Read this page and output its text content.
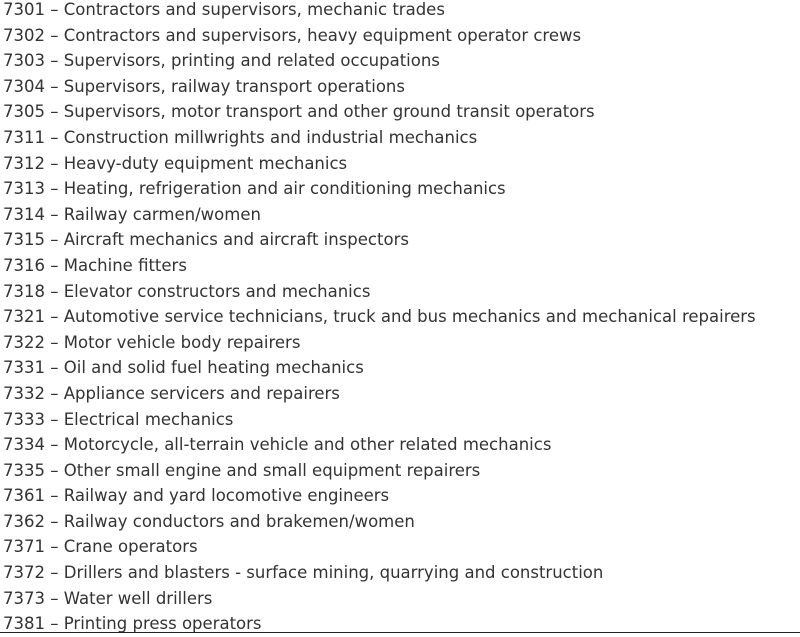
7301 – Contractors and supervisors, mechanic trades
7302 – Contractors and supervisors, heavy equipment operator crews
7303 – Supervisors, printing and related occupations
7304 – Supervisors, railway transport operations
7305 – Supervisors, motor transport and other ground transit operators
7311 – Construction millwrights and industrial mechanics
7312 – Heavy-duty equipment mechanics
7313 – Heating, refrigeration and air conditioning mechanics
7314 – Railway carmen/women
7315 – Aircraft mechanics and aircraft inspectors
7316 – Machine fitters
7318 – Elevator constructors and mechanics
7321 – Automotive service technicians, truck and bus mechanics and mechanical repairers
7322 – Motor vehicle body repairers
7331 – Oil and solid fuel heating mechanics
7332 – Appliance servicers and repairers
7333 – Electrical mechanics
7334 – Motorcycle, all-terrain vehicle and other related mechanics
7335 – Other small engine and small equipment repairers
7361 – Railway and yard locomotive engineers
7362 – Railway conductors and brakemen/women
7371 – Crane operators
7372 – Drillers and blasters - surface mining, quarrying and construction
7373 – Water well drillers
7381 – Printing press operators
